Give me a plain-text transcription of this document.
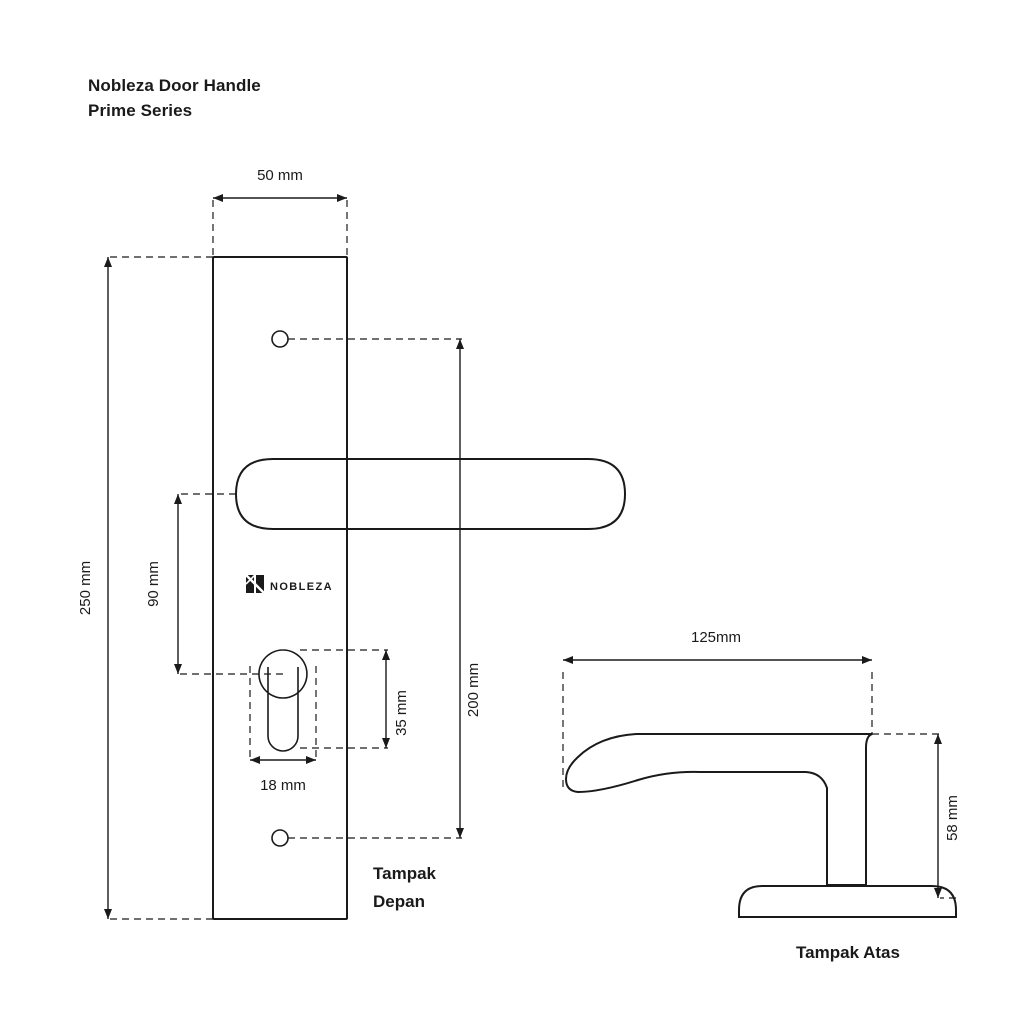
Nobleza Door Handle
Prime Series
50 mm
NOBLEZA
250 mm	90 mm
200 mm
35 mm
18 mm
Tampak
Depan
125mm
58 mm
Tampak Atas
